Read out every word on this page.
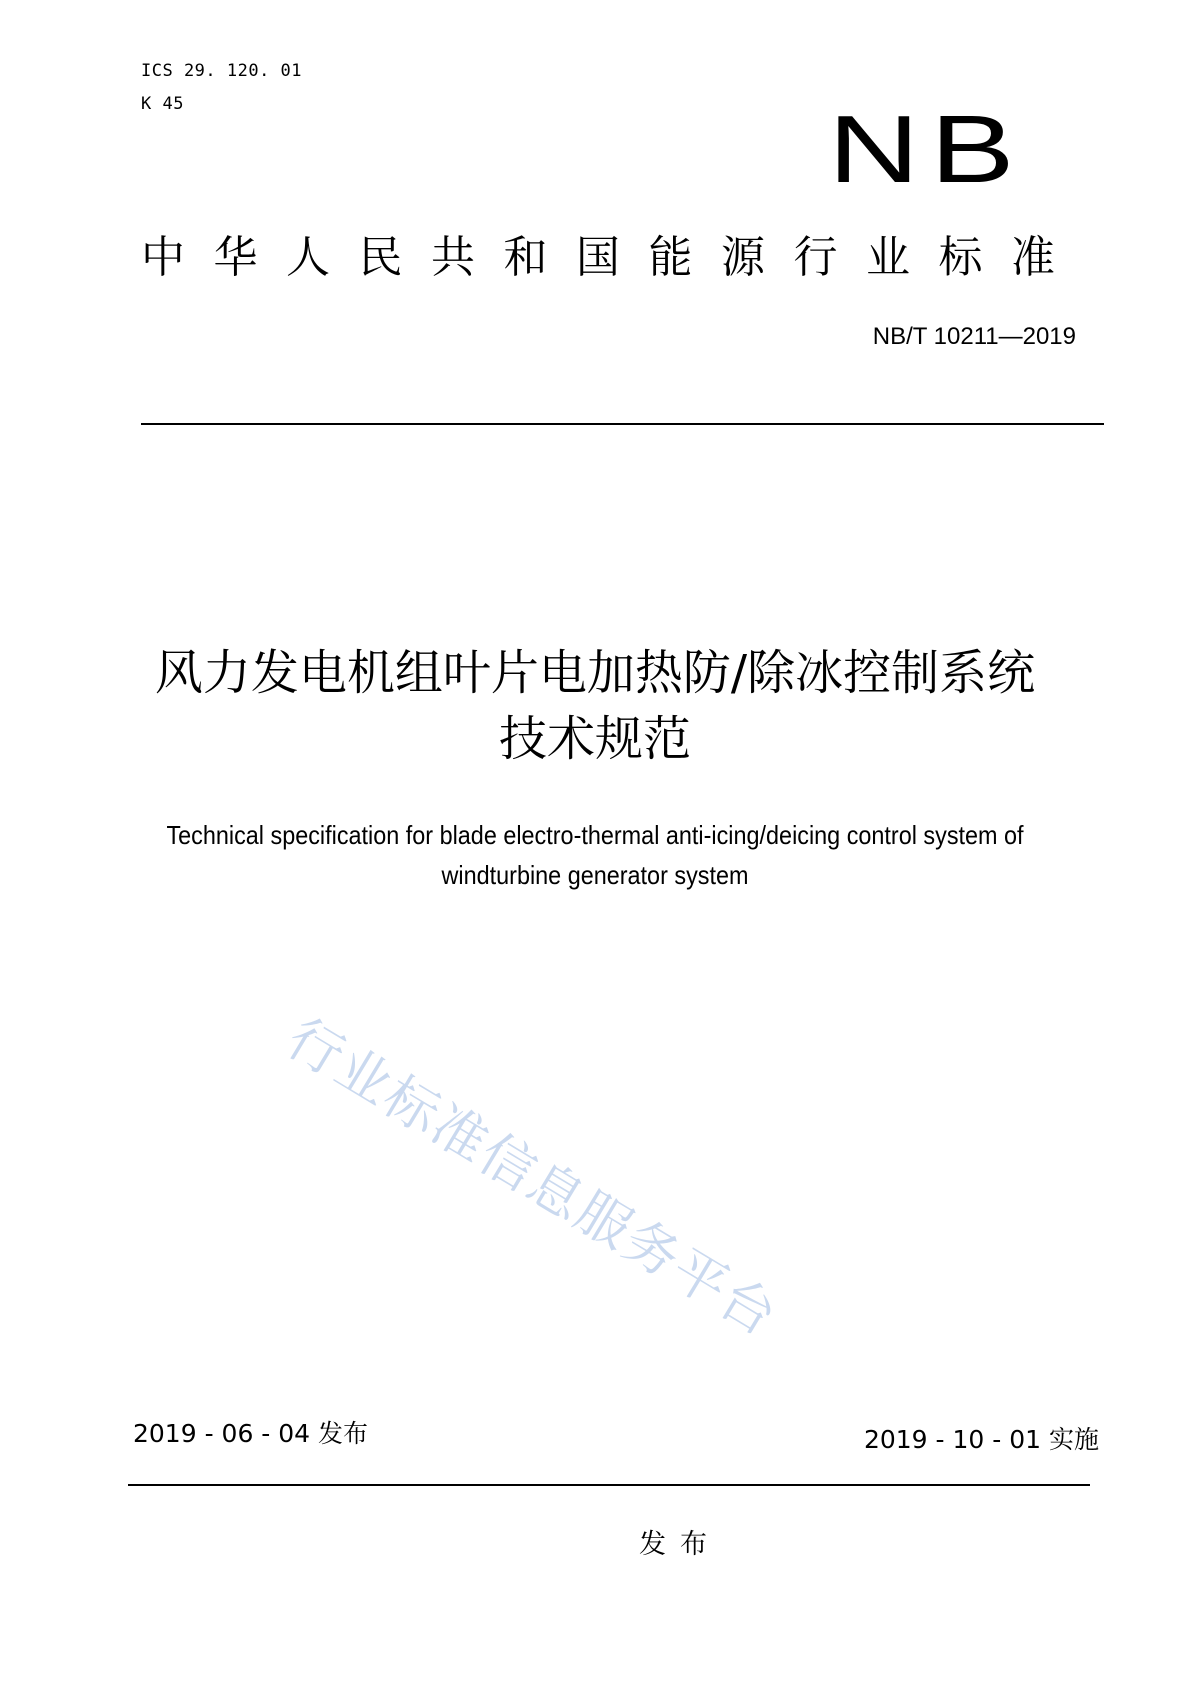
ICS 29. 120. 01
K 45	NB
中华人民共和国能源行业标准
NB/T 10211—2019
风力发电机组叶片电加热防/除冰控制系统
技术规范
Technical specification for blade electro-thermal anti-icing/deicing control system of
windturbine generator system
行业标准信息服务平台
2019 - 06 - 04 发布	2019 - 10 - 01 实施
发布
